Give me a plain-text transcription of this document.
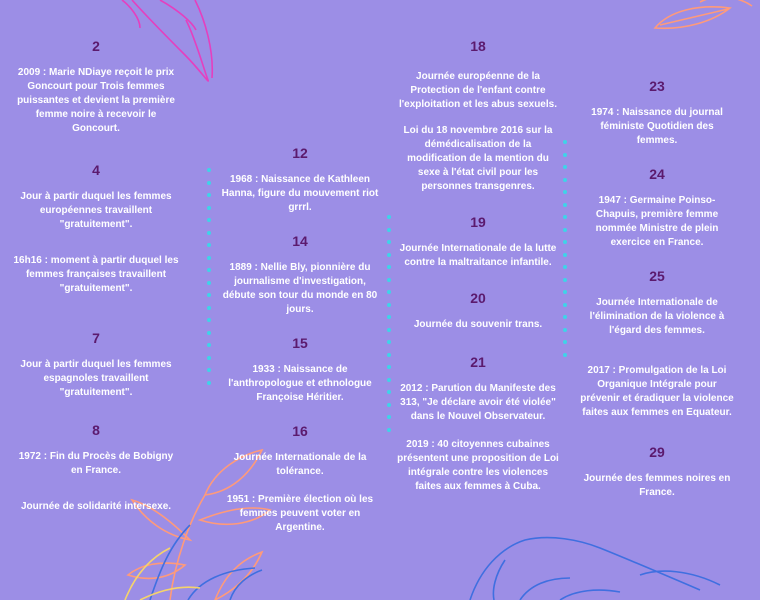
2
2009 : Marie NDiaye reçoit le prix Goncourt pour Trois femmes puissantes et devient la première femme noire à recevoir le Goncourt.
4
Jour à partir duquel les femmes européennes travaillent "gratuitement".
16h16 : moment à partir duquel les femmes françaises travaillent "gratuitement".
7
Jour à partir duquel les femmes espagnoles travaillent "gratuitement".
8
1972 : Fin du Procès de Bobigny en France.
Journée de solidarité intersexe.
12
1968 : Naissance de Kathleen Hanna, figure du mouvement riot grrrl.
14
1889 : Nellie Bly, pionnière du journalisme d'investigation, débute son tour du monde en 80 jours.
15
1933 : Naissance de l'anthropologue et ethnologue Françoise Héritier.
16
Journée Internationale de la tolérance.
1951 : Première élection où les femmes peuvent voter en Argentine.
18
Journée européenne de la Protection de l'enfant contre l'exploitation et les abus sexuels.
Loi du 18 novembre 2016 sur la démédicalisation de la modification de la mention du sexe à l'état civil pour les personnes transgenres.
19
Journée Internationale de la lutte contre la maltraitance infantile.
20
Journée du souvenir trans.
21
2012 : Parution du Manifeste des 313, "Je déclare avoir été violée" dans le Nouvel Observateur.
2019 : 40 citoyennes cubaines présentent une proposition de Loi intégrale contre les violences faites aux femmes à Cuba.
23
1974 : Naissance du journal féministe Quotidien des femmes.
24
1947 : Germaine Poinso-Chapuis, première femme nommée Ministre de plein exercice en France.
25
Journée Internationale de l'élimination de la violence à l'égard des femmes.
2017 : Promulgation de la Loi Organique Intégrale pour prévenir et éradiquer la violence faites aux femmes en Equateur.
29
Journée des femmes noires en France.
